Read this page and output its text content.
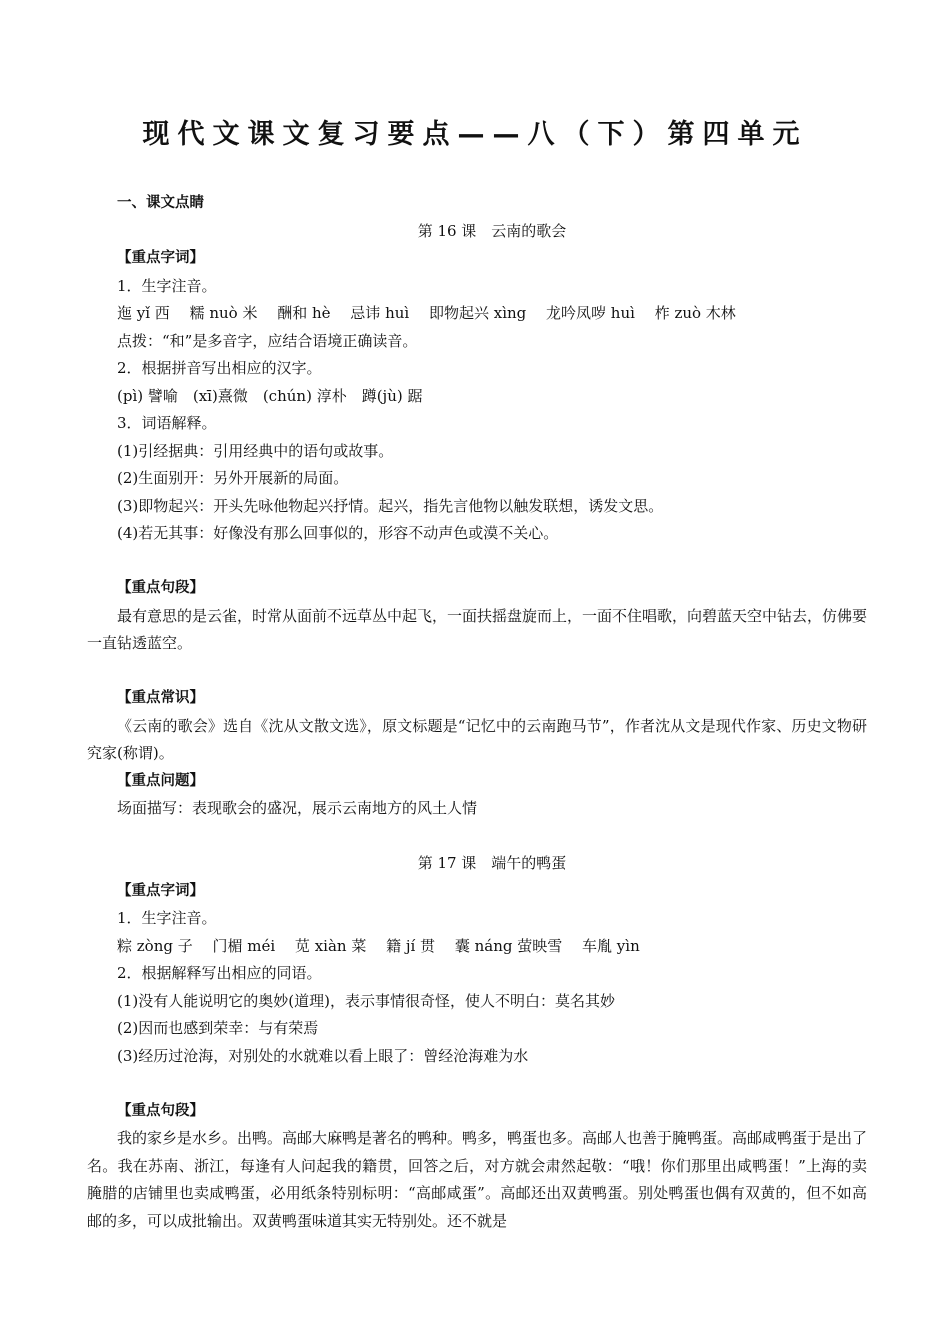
现代文课文复习要点——八（下）第四单元

一、课文点睛

第 16 课　云南的歌会

【重点字词】

1．生字注音。

迤 yǐ 西　 糯 nuò 米　 酬和 hè　 忌讳 huì　 即物起兴 xìng　 龙吟凤哕 huì　 柞 zuò 木林

点拨：“和”是多音字，应结合语境正确读音。

2．根据拼音写出相应的汉字。

(pì) 譬喻　(xī)熹微　(chún) 淳朴　蹲(jù) 踞

3．词语解释。

(1)引经据典：引用经典中的语句或故事。

(2)生面别开：另外开展新的局面。

(3)即物起兴：开头先咏他物起兴抒情。起兴，指先言他物以触发联想，诱发文思。

(4)若无其事：好像没有那么回事似的，形容不动声色或漠不关心。

【重点句段】

最有意思的是云雀，时常从面前不远草丛中起飞，一面扶摇盘旋而上，一面不住唱歌，向碧蓝天空中钻去，仿佛要一直钻透蓝空。

【重点常识】

《云南的歌会》选自《沈从文散文选》，原文标题是“记忆中的云南跑马节”，作者沈从文是现代作家、历史文物研究家(称谓)。

【重点问题】

场面描写：表现歌会的盛况，展示云南地方的风土人情

第 17 课　端午的鸭蛋

【重点字词】

1．生字注音。

粽 zòng 子　 门楣 méi　 苋 xiàn 菜　 籍 jí 贯　 囊 náng 萤映雪　 车胤 yìn

2．根据解释写出相应的同语。

(1)没有人能说明它的奥妙(道理)，表示事情很奇怪，使人不明白：莫名其妙

(2)因而也感到荣幸：与有荣焉

(3)经历过沧海，对别处的水就难以看上眼了：曾经沧海难为水

【重点句段】

我的家乡是水乡。出鸭。高邮大麻鸭是著名的鸭种。鸭多，鸭蛋也多。高邮人也善于腌鸭蛋。高邮咸鸭蛋于是出了名。我在苏南、浙江，每逢有人问起我的籍贯，回答之后，对方就会肃然起敬：“哦！你们那里出咸鸭蛋！”上海的卖腌腊的店铺里也卖咸鸭蛋，必用纸条特别标明：“高邮咸蛋”。高邮还出双黄鸭蛋。别处鸭蛋也偶有双黄的，但不如高邮的多，可以成批输出。双黄鸭蛋味道其实无特别处。还不就是
